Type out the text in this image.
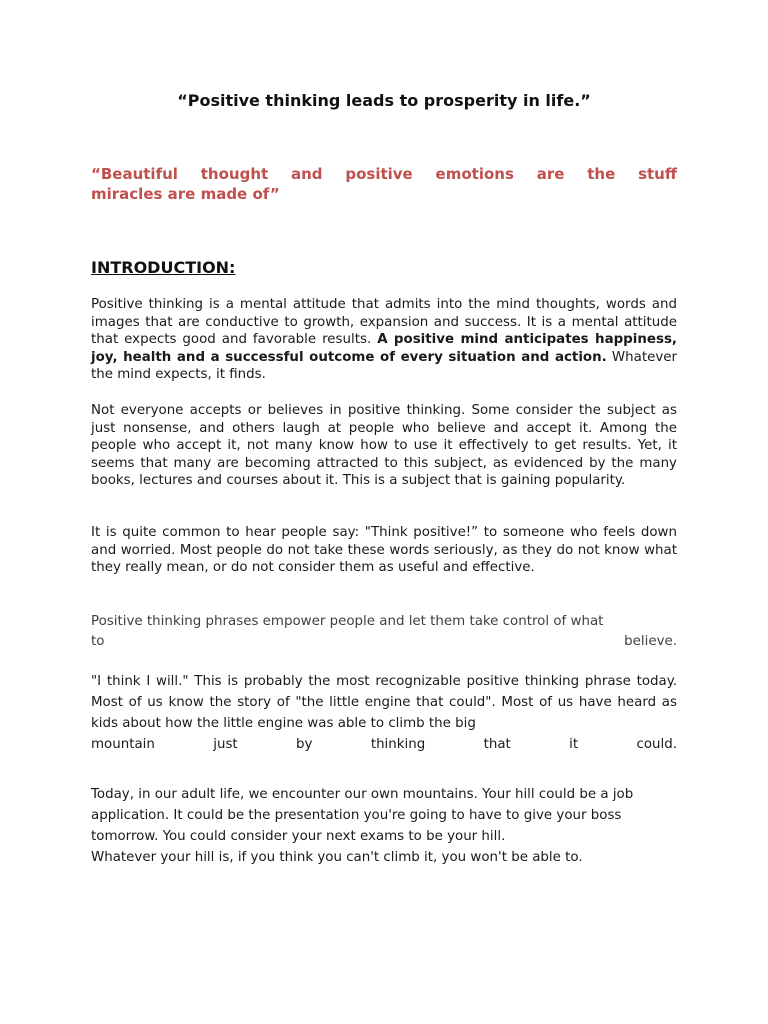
“Positive thinking leads to prosperity in life.”
“Beautiful thought and positive emotions are the stuff
miracles are made of”
INTRODUCTION:
Positive thinking is a mental attitude that admits into the mind thoughts, words and images that are conductive to growth, expansion and success. It is a mental attitude that expects good and favorable results. A positive mind anticipates happiness, joy, health and a successful outcome of every situation and action. Whatever the mind expects, it finds.
Not everyone accepts or believes in positive thinking. Some consider the subject as just nonsense, and others laugh at people who believe and accept it. Among the people who accept it, not many know how to use it effectively to get results. Yet, it seems that many are becoming attracted to this subject, as evidenced by the many books, lectures and courses about it. This is a subject that is gaining popularity.
It is quite common to hear people say: "Think positive!” to someone who feels down and worried. Most people do not take these words seriously, as they do not know what they really mean, or do not consider them as useful and effective.
Positive thinking phrases empower people and let them take control of what

to believe.
"I think I will." This is probably the most recognizable positive thinking phrase today. Most of us know the story of "the little engine that could". Most of us have heard as kids about how the little engine was able to climb the big
mountain just by thinking that it could.
Today, in our adult life, we encounter our own mountains. Your hill could be a job application. It could be the presentation you're going to have to give your boss tomorrow. You could consider your next exams to be your hill.
Whatever your hill is, if you think you can't climb it, you won't be able to.
